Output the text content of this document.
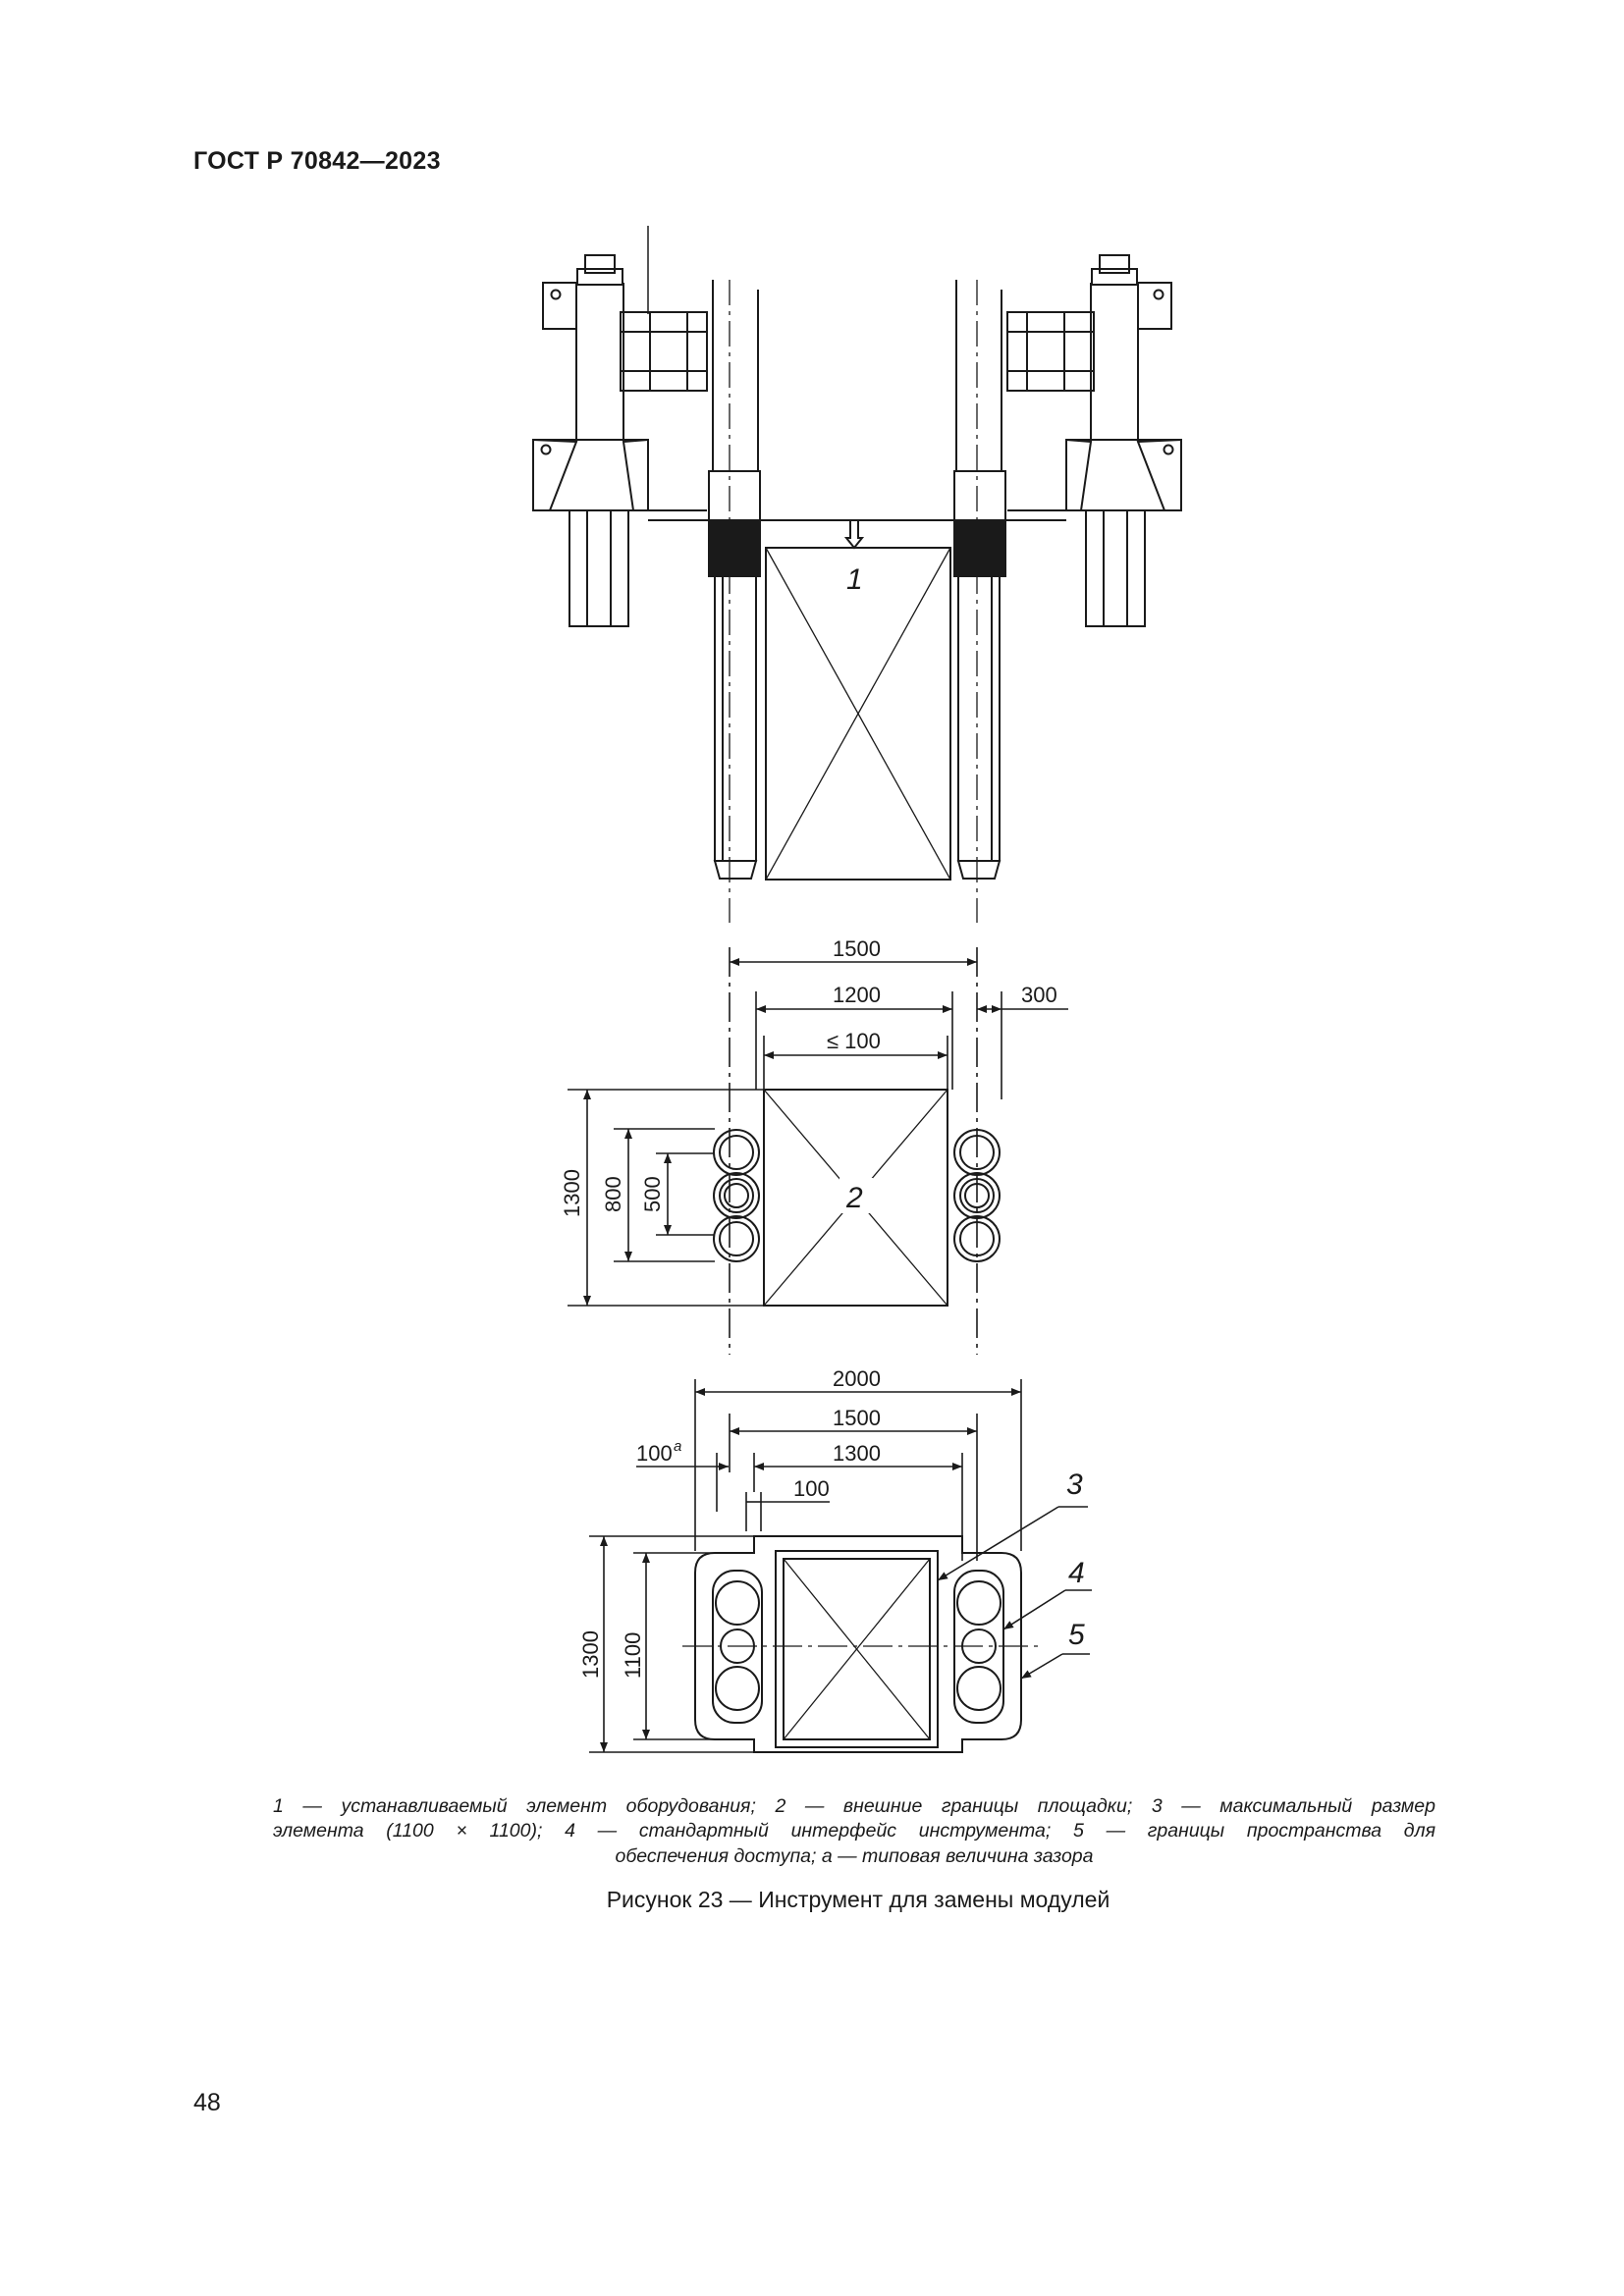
ГОСТ Р 70842—2023
1
2
1500
1200	300
≤ 100
1300 800 500
2000
1500
1300
100 a
100
1300 1100
3
4
5
1 — устанавливаемый элемент оборудования; 2 — внешние границы площадки; 3 — максимальный размер
элемента (1100 × 1100); 4 — стандартный интерфейс инструмента; 5 — границы пространства для
обеспечения доступа; a — типовая величина зазора
Рисунок 23 — Инструмент для замены модулей
48
